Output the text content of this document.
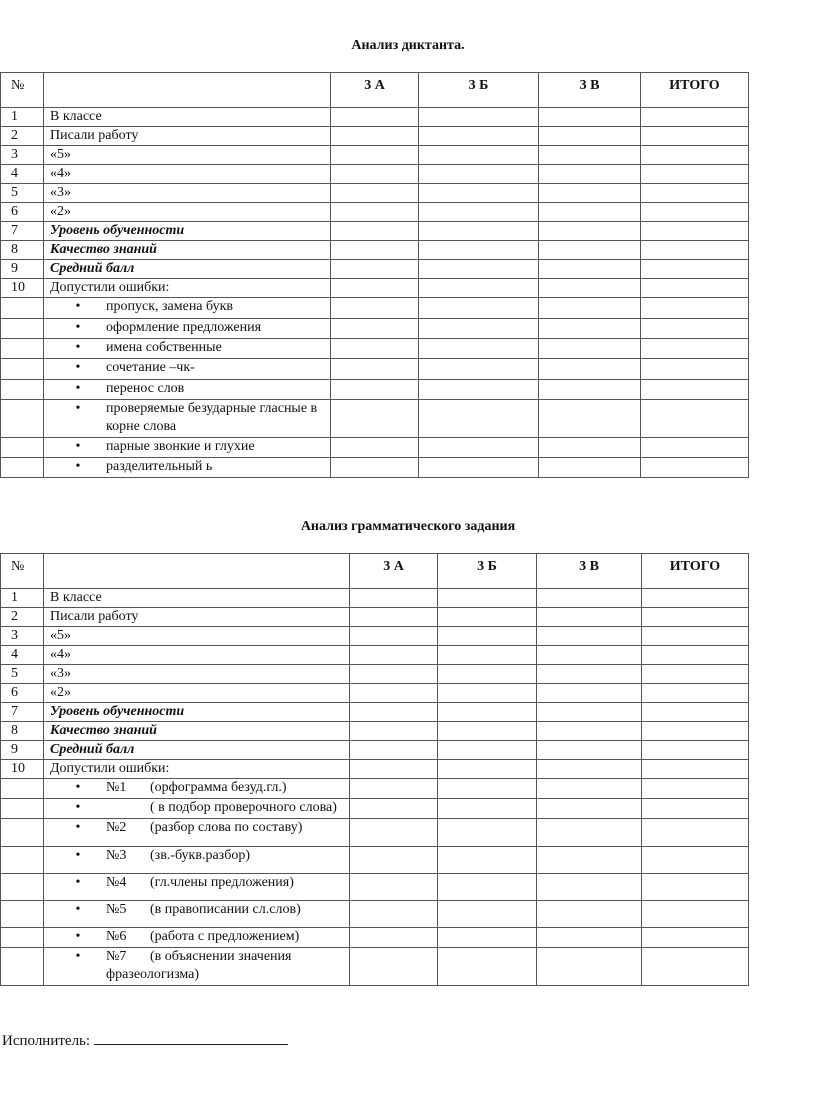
Анализ диктанта.
№		3 А	3 Б	3 В	ИТОГО
1	В классе				
2	Писали работу				
3	«5»				
4	«4»				
5	«3»				
6	«2»				
7	Уровень обученности				
8	Качество знаний				
9	Средний балл				
10	Допустили ошибки:				
	• пропуск, замена букв				
	• оформление предложения				
	• имена собственные				
	• сочетание –чк-				
	• перенос слов				
	• проверяемые безударные гласные в корне слова				
	• парные звонкие и глухие				
	• разделительный ь				
Анализ грамматического задания
№		3 А	3 Б	3 В	ИТОГО
1	В классе				
2	Писали работу				
3	«5»				
4	«4»				
5	«3»				
6	«2»				
7	Уровень обученности				
8	Качество знаний				
9	Средний балл				
10	Допустили ошибки:				
	• №1 (орфограмма безуд.гл.)				
	• ( в подбор проверочного слова)				
	• №2 (разбор слова по составу)				
	• №3 (зв.-букв.разбор)				
	• №4 (гл.члены предложения)				
	• №5 (в правописании сл.слов)				
	• №6 (работа с предложением)				
	• №7 (в объяснении значения фразеологизма)				
Исполнитель:
